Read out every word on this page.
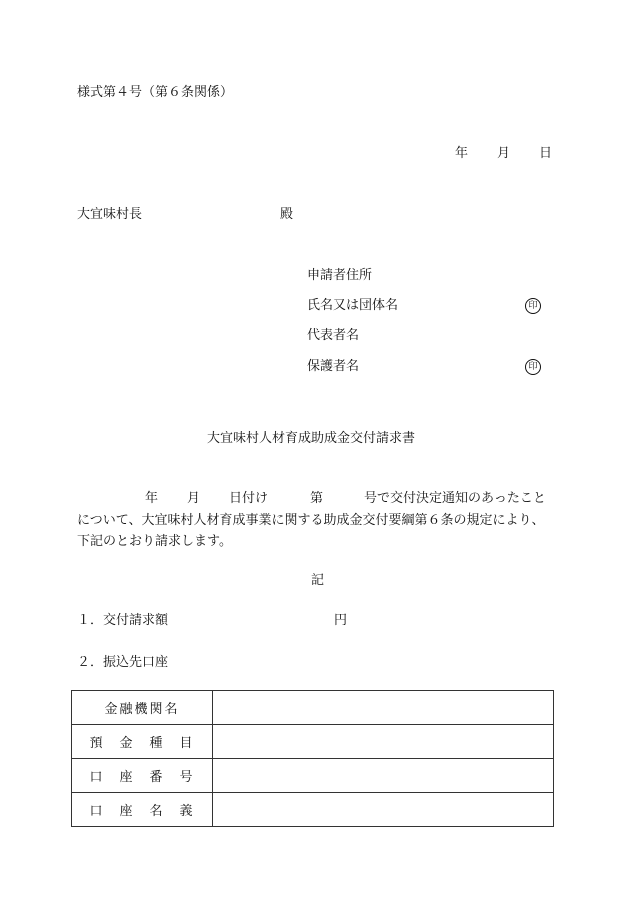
様式第４号（第６条関係）
年 月 日
大宜味村長	殿
申請者住所
氏名又は団体名	印
代表者名
保護者名	印
大宜味村人材育成助成金交付請求書
年 月 日付け	第	号で交付決定通知のあったこと
について、大宜味村人材育成事業に関する助成金交付要綱第６条の規定により、
下記のとおり請求します。
記
１．交付請求額	円
２．振込先口座
金融機関名	
預　金　種　目	
口　座　番　号	
口　座　名　義	
